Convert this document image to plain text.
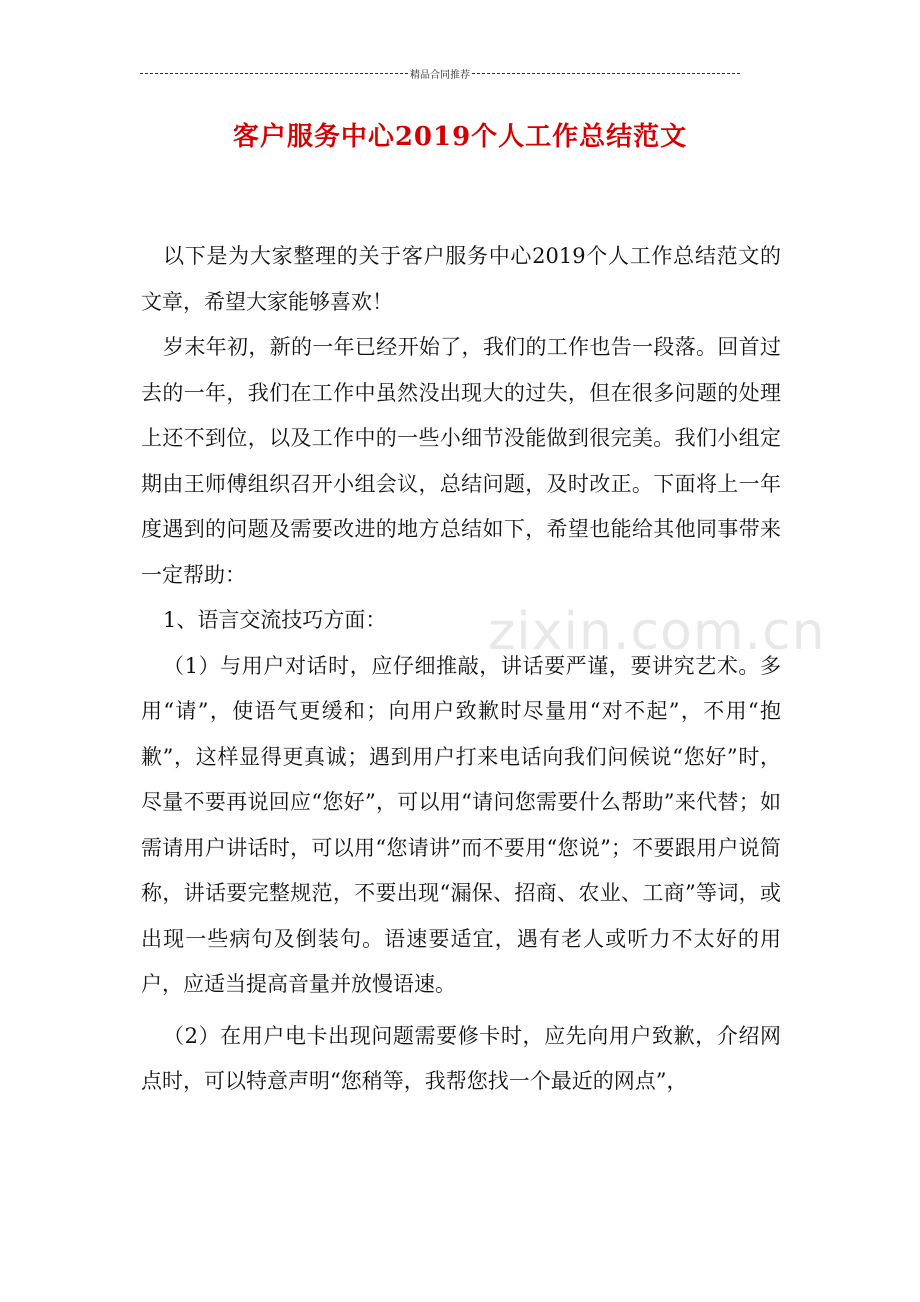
精品合同推荐
客户服务中心2019个人工作总结范文

以下是为大家整理的关于客户服务中心2019个人工作总结范文的文章，希望大家能够喜欢！

岁末年初，新的一年已经开始了，我们的工作也告一段落。回首过去的一年，我们在工作中虽然没出现大的过失，但在很多问题的处理上还不到位，以及工作中的一些小细节没能做到很完美。我们小组定期由王师傅组织召开小组会议，总结问题，及时改正。下面将上一年度遇到的问题及需要改进的地方总结如下，希望也能给其他同事带来一定帮助：

1、语言交流技巧方面：

（1）与用户对话时，应仔细推敲，讲话要严谨，要讲究艺术。多用“请”，使语气更缓和；向用户致歉时尽量用“对不起”，不用“抱歉”，这样显得更真诚；遇到用户打来电话向我们问候说“您好”时，尽量不要再说回应“您好”，可以用“请问您需要什么帮助”来代替；如需请用户讲话时，可以用“您请讲”而不要用“您说”；不要跟用户说简称，讲话要完整规范，不要出现“漏保、招商、农业、工商”等词，或出现一些病句及倒装句。语速要适宜，遇有老人或听力不太好的用户，应适当提高音量并放慢语速。

（2）在用户电卡出现问题需要修卡时，应先向用户致歉，介绍网点时，可以特意声明“您稍等，我帮您找一个最近的网点”，

zixin.com.cn
